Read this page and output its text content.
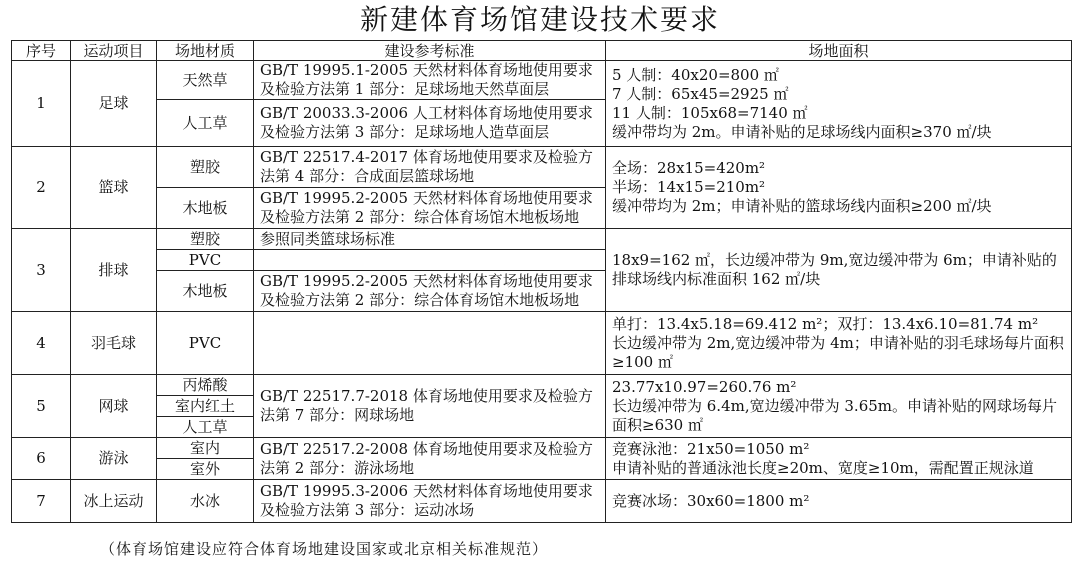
新建体育场馆建设技术要求
序号	运动项目	场地材质	建设参考标准	场地面积
1	足球	天然草	GB/T 19995.1-2005 天然材料体育场地使用要求及检验方法第 1 部分：足球场地天然草面层	5 人制：40x20=800 ㎡
7 人制：65x45=2925 ㎡
11 人制：105x68=7140 ㎡
缓冲带均为 2m。申请补贴的足球场线内面积≥370 ㎡/块
		人工草	GB/T 20033.3-2006 人工材料体育场地使用要求及检验方法第 3 部分：足球场地人造草面层	
2	篮球	塑胶	GB/T 22517.4-2017 体育场地使用要求及检验方法第 4 部分：合成面层篮球场地	全场：28x15=420m²
半场：14x15=210m²
缓冲带均为 2m；申请补贴的篮球场线内面积≥200 ㎡/块
		木地板	GB/T 19995.2-2005 天然材料体育场地使用要求及检验方法第 2 部分：综合体育场馆木地板场地	
3	排球	塑胶	参照同类篮球场标准	18x9=162 ㎡，长边缓冲带为 9m,宽边缓冲带为 6m；申请补贴的排球场线内标准面积 162 ㎡/块
		PVC		
		木地板	GB/T 19995.2-2005 天然材料体育场地使用要求及检验方法第 2 部分：综合体育场馆木地板场地	
4	羽毛球	PVC		单打：13.4x5.18=69.412 m²；双打：13.4x6.10=81.74 m²
长边缓冲带为 2m,宽边缓冲带为 4m；申请补贴的羽毛球场每片面积≥100 ㎡
5	网球	丙烯酸	GB/T 22517.7-2018 体育场地使用要求及检验方法第 7 部分：网球场地	23.77x10.97=260.76 m²
长边缓冲带为 6.4m,宽边缓冲带为 3.65m。申请补贴的网球场每片面积≥630 ㎡
		室内红土		
		人工草		
6	游泳	室内	GB/T 22517.2-2008 体育场地使用要求及检验方法第 2 部分：游泳场地	竞赛泳池：21x50=1050 m²
申请补贴的普通泳池长度≥20m、宽度≥10m，需配置正规泳道
		室外		
7	冰上运动	水冰	GB/T 19995.3-2006 天然材料体育场地使用要求及检验方法第 3 部分：运动冰场	竞赛冰场：30x60=1800 m²
（体育场馆建设应符合体育场地建设国家或北京相关标准规范）
